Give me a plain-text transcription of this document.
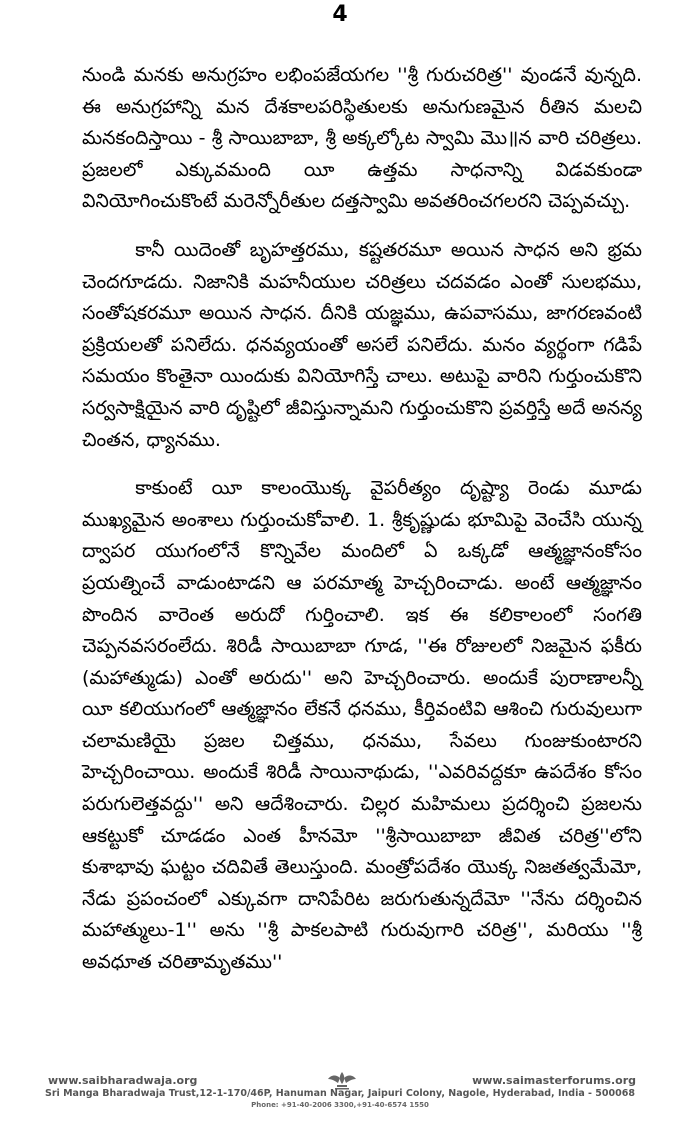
4

నుండి మనకు అనుగ్రహం లభింపజేయగల ''శ్రీ గురుచరిత్ర'' వుండనే వున్నది. ఈ అనుగ్రహాన్ని మన దేశకాలపరిస్థితులకు అనుగుణమైన రీతిన మలచి మనకందిస్తాయి - శ్రీ సాయిబాబా, శ్రీ అక్కల్కోట స్వామి మొ॥న వారి చరిత్రలు. ప్రజలలో ఎక్కువమంది యీ ఉత్తమ సాధనాన్ని విడవకుండా వినియోగించుకొంటే మరెన్నోరీతుల దత్తస్వామి అవతరించగలరని చెప్పవచ్చు.

కానీ యిదెంతో బృహత్తరము, కష్టతరమూ అయిన సాధన అని భ్రమ చెందగూడదు. నిజానికి మహనీయుల చరిత్రలు చదవడం ఎంతో సులభము, సంతోషకరమూ అయిన సాధన. దీనికి యజ్ఞము, ఉపవాసము, జాగరణవంటి ప్రక్రియలతో పనిలేదు. ధనవ్యయంతో అసలే పనిలేదు. మనం వ్యర్థంగా గడిపే సమయం కొంతైనా యిందుకు వినియోగిస్తే చాలు. అటుపై వారిని గుర్తుంచుకొని సర్వసాక్షియైన వారి దృష్టిలో జీవిస్తున్నామని గుర్తుంచుకొని ప్రవర్తిస్తే అదే అనన్య చింతన, ధ్యానము.

కాకుంటే యీ కాలంయొక్క వైపరీత్యం దృష్ట్యా రెండు మూడు ముఖ్యమైన అంశాలు గుర్తుంచుకోవాలి. 1. శ్రీకృష్ణుడు భూమిపై వెంచేసి యున్న ద్వాపర యుగంలోనే కొన్నివేల మందిలో ఏ ఒక్కడో ఆత్మజ్ఞానంకోసం ప్రయత్నించే వాడుంటాడని ఆ పరమాత్మ హెచ్చరించాడు. అంటే ఆత్మజ్ఞానం పొందిన వారెంత అరుదో గుర్తించాలి. ఇక ఈ కలికాలంలో సంగతి చెప్పనవసరంలేదు. శిరిడీ సాయిబాబా గూడ, ''ఈ రోజులలో నిజమైన ఫకీరు (మహాత్ముడు) ఎంతో అరుదు'' అని హెచ్చరించారు. అందుకే పురాణాలన్నీ యీ కలియుగంలో ఆత్మజ్ఞానం లేకనే ధనము, కీర్తివంటివి ఆశించి గురువులుగా చలామణియై ప్రజల చిత్తము, ధనము, సేవలు గుంజుకుంటారని హెచ్చరించాయి. అందుకే శిరిడీ సాయినాథుడు, ''ఎవరివద్దకూ ఉపదేశం కోసం పరుగులెత్తవద్దు'' అని ఆదేశించారు. చిల్లర మహిమలు ప్రదర్శించి ప్రజలను ఆకట్టుకో చూడడం ఎంత హీనమో ''శ్రీసాయిబాబా జీవిత చరిత్ర''లోని కుశాభావు ఘట్టం చదివితే తెలుస్తుంది. మంత్రోపదేశం యొక్క నిజతత్వమేమో, నేడు ప్రపంచంలో ఎక్కువగా దానిపేరిట జరుగుతున్నదేమో ''నేను దర్శించిన మహాత్ములు-1'' అను ''శ్రీ పాకలపాటి గురువుగారి చరిత్ర'', మరియు ''శ్రీ అవధూత చరితామృతము''

www.saibharadwaja.org	www.saimasterforums.org
Sri Manga Bharadwaja Trust,12-1-170/46P, Hanuman Nagar, Jaipuri Colony, Nagole, Hyderabad, India - 500068
Phone: +91-40-2006 3300,+91-40-6574 1550
